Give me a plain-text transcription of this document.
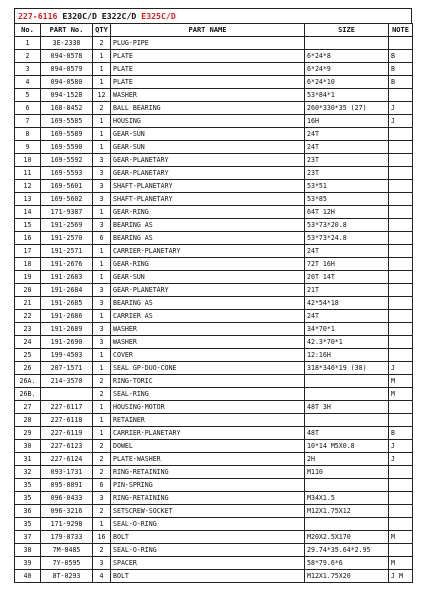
227-6116 E320C/D E322C/D E325C/D
No.	PART No.	QTY	PART NAME	SIZE	NOTE
1	3E-2338	2	PLUG-PIPE		
2	094-0578	1	PLATE	6*24*8	B
3	094-0579	1	PLATE	6*24*9	B
4	094-0580	1	PLATE	6*24*10	B
5	094-1528	12	WASHER	53*84*1	
6	168-8452	2	BALL BEARING	260*330*35 (27)	J
7	169-5585	1	HOUSING	16H	J
8	169-5589	1	GEAR-SUN	24T	
9	169-5590	1	GEAR-SUN	24T	
10	169-5592	3	GEAR-PLANETARY	23T	
11	169-5593	3	GEAR-PLANETARY	23T	
12	169-5601	3	SHAFT-PLANETARY	53*51	
13	169-5602	3	SHAFT-PLANETARY	53*85	
14	171-9387	1	GEAR-RING	64T 12H	
15	191-2569	3	BEARING AS	53*73*20.8	
16	191-2570	6	BEARING AS	53*73*24.8	
17	191-2571	1	CARRIER-PLANETARY	24T	
18	191-2676	1	GEAR-RING	72T 16H	
19	191-2683	1	GEAR-SUN	20T 14T	
20	191-2684	3	GEAR-PLANETARY	21T	
21	191-2685	3	BEARING AS	42*54*18	
22	191-2686	1	CARRIER AS	24T	
23	191-2689	3	WASHER	34*70*1	
24	191-2690	3	WASHER	42.3*70*1	
25	199-4503	1	COVER	12:16H	
26	207-1571	1	SEAL GP-DUO-CONE	318*346*19 (38)	J
26A.	214-3570	2	RING-TORIC		M
26B.		2	SEAL-RING		M
27	227-6117	1	HOUSING-MOTOR	48T 3H	
28	227-6118	1	RETAINER		
29	227-6119	1	CARRIER-PLANETARY	48T	B
30	227-6123	2	DOWEL	10*14 M5X0.8	J
31	227-6124	2	PLATE-WASHER	2H	J
32	093-1731	2	RING-RETAINING	M110	
35	095-0891	6	PIN-SPRING		
35	096-0433	3	RING-RETAINING	M34X1.5	
36	096-3216	2	SETSCREW-SOCKET	M12X1.75X12	
35	171-9298	1	SEAL-O-RING		
37	179-8733	16	BOLT	M20X2.5X170	M
38	7M-8485	2	SEAL-O-RING	29.74*35.64*2.95	
39	7Y-0595	3	SPACER	58*79.6*6	M
40	8T-0293	4	BOLT	M12X1.75X20	J M
